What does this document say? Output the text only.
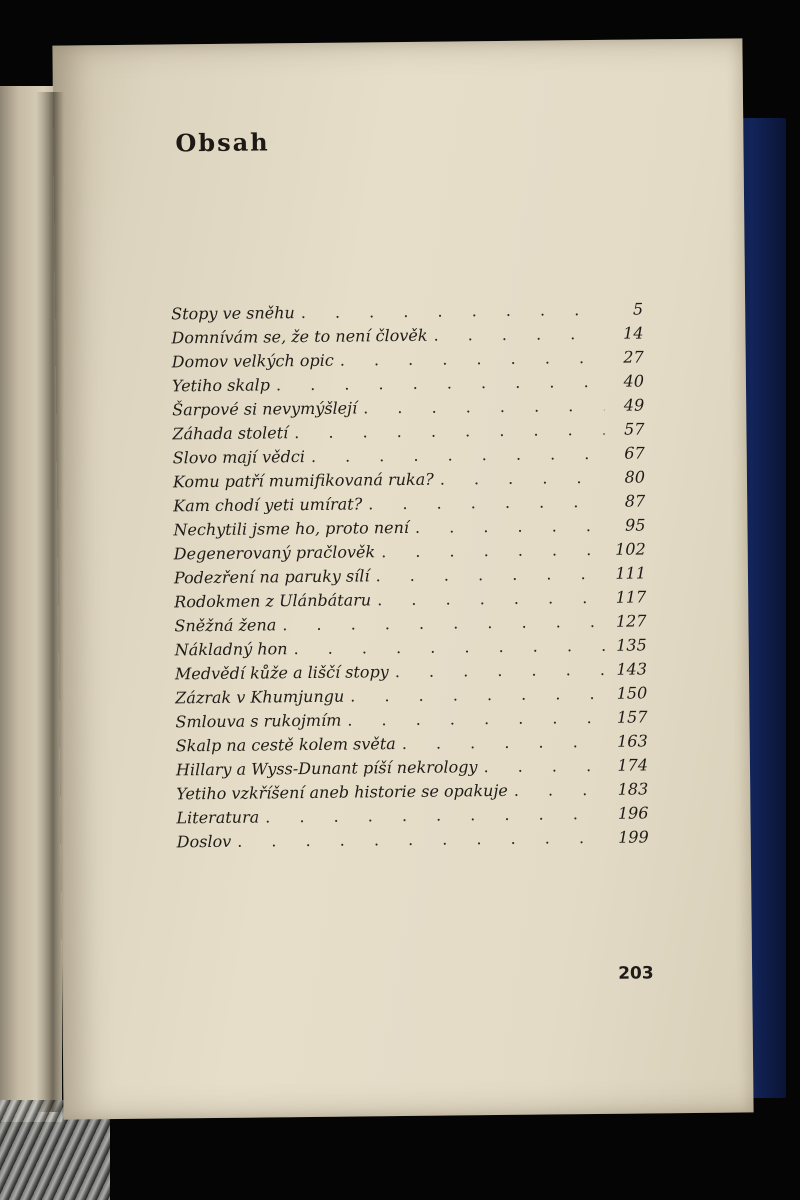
Obsah
Stopy ve sněhu . . .	5
Domnívám se, že to není člověk . . .	14
Domov velkých opic . . .	27
Yetiho skalp . . .	40
Šarpové si nevymýšlejí . . .	49
Záhada století . . .	57
Slovo mají vědci . . .	67
Komu patří mumifikovaná ruka? . . .	80
Kam chodí yeti umírat? . . .	87
Nechytili jsme ho, proto není . . .	95
Degenerovaný pračlověk . . .	102
Podezření na paruky sílí . . .	111
Rodokmen z Ulánbátaru . . .	117
Sněžná žena . . .	127
Nákladný hon . . .	135
Medvědí kůže a liščí stopy . . .	143
Zázrak v Khumjungu . . .	150
Smlouva s rukojmím . . .	157
Skalp na cestě kolem světa . . .	163
Hillary a Wyss-Dunant píší nekrology . . .	174
Yetiho vzkříšení aneb historie se opakuje . . .	183
Literatura . . .	196
Doslov . . .	199
203
